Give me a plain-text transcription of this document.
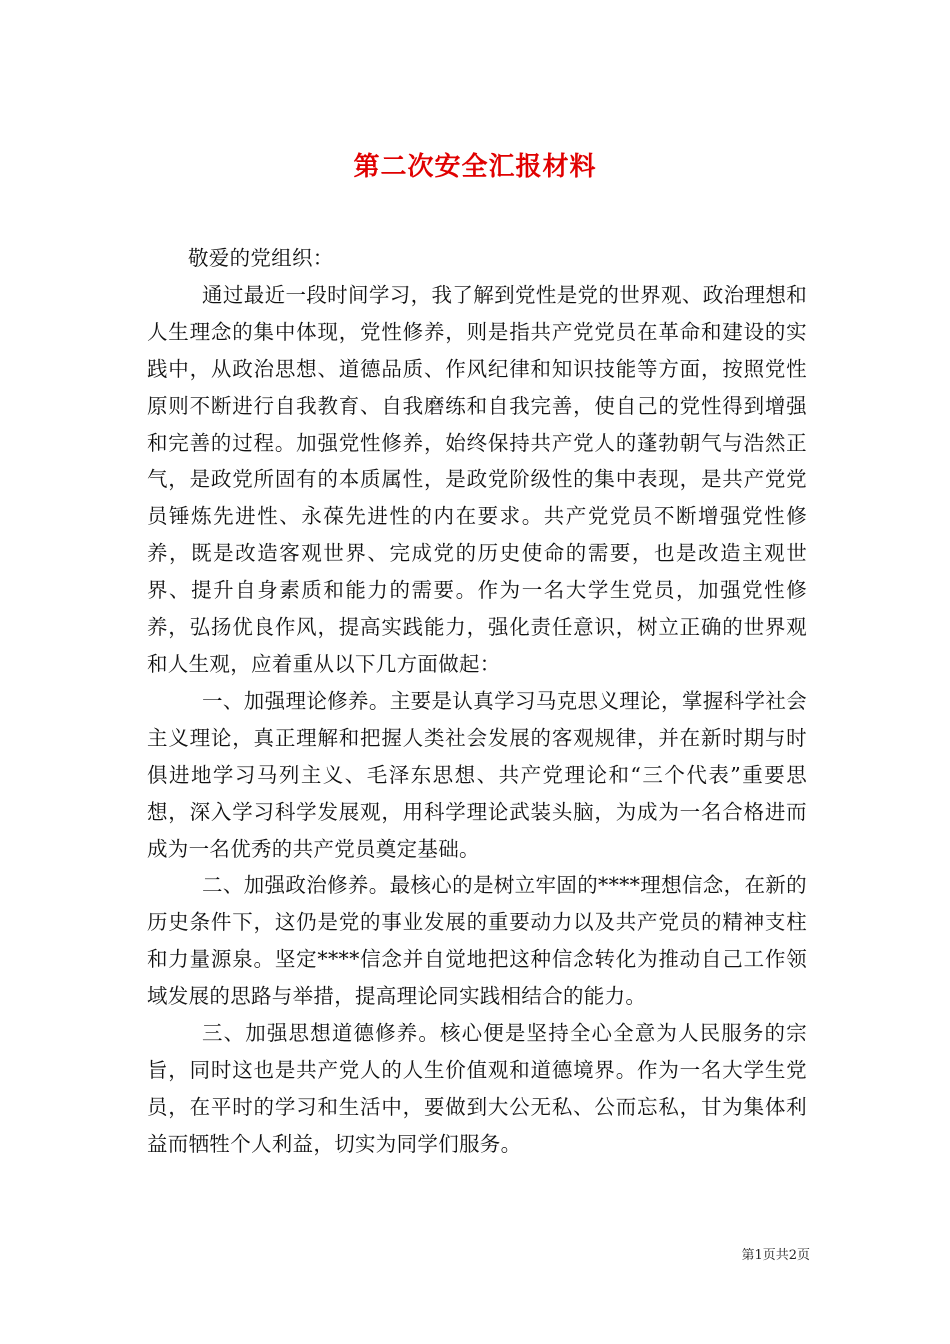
第二次安全汇报材料

敬爱的党组织：

通过最近一段时间学习，我了解到党性是党的世界观、政治理想和人生理念的集中体现，党性修养，则是指共产党党员在革命和建设的实践中，从政治思想、道德品质、作风纪律和知识技能等方面，按照党性原则不断进行自我教育、自我磨练和自我完善，使自己的党性得到增强和完善的过程。加强党性修养，始终保持共产党人的蓬勃朝气与浩然正气，是政党所固有的本质属性，是政党阶级性的集中表现，是共产党党员锤炼先进性、永葆先进性的内在要求。共产党党员不断增强党性修养，既是改造客观世界、完成党的历史使命的需要，也是改造主观世界、提升自身素质和能力的需要。作为一名大学生党员，加强党性修养，弘扬优良作风，提高实践能力，强化责任意识，树立正确的世界观和人生观，应着重从以下几方面做起：

一、加强理论修养。主要是认真学习马克思义理论，掌握科学社会主义理论，真正理解和把握人类社会发展的客观规律，并在新时期与时俱进地学习马列主义、毛泽东思想、共产党理论和“三个代表”重要思想，深入学习科学发展观，用科学理论武装头脑，为成为一名合格进而成为一名优秀的共产党员奠定基础。

二、加强政治修养。最核心的是树立牢固的****理想信念，在新的历史条件下，这仍是党的事业发展的重要动力以及共产党员的精神支柱和力量源泉。坚定****信念并自觉地把这种信念转化为推动自己工作领域发展的思路与举措，提高理论同实践相结合的能力。

三、加强思想道德修养。核心便是坚持全心全意为人民服务的宗旨，同时这也是共产党人的人生价值观和道德境界。作为一名大学生党员，在平时的学习和生活中，要做到大公无私、公而忘私，甘为集体利益而牺牲个人利益，切实为同学们服务。

第1页共2页
